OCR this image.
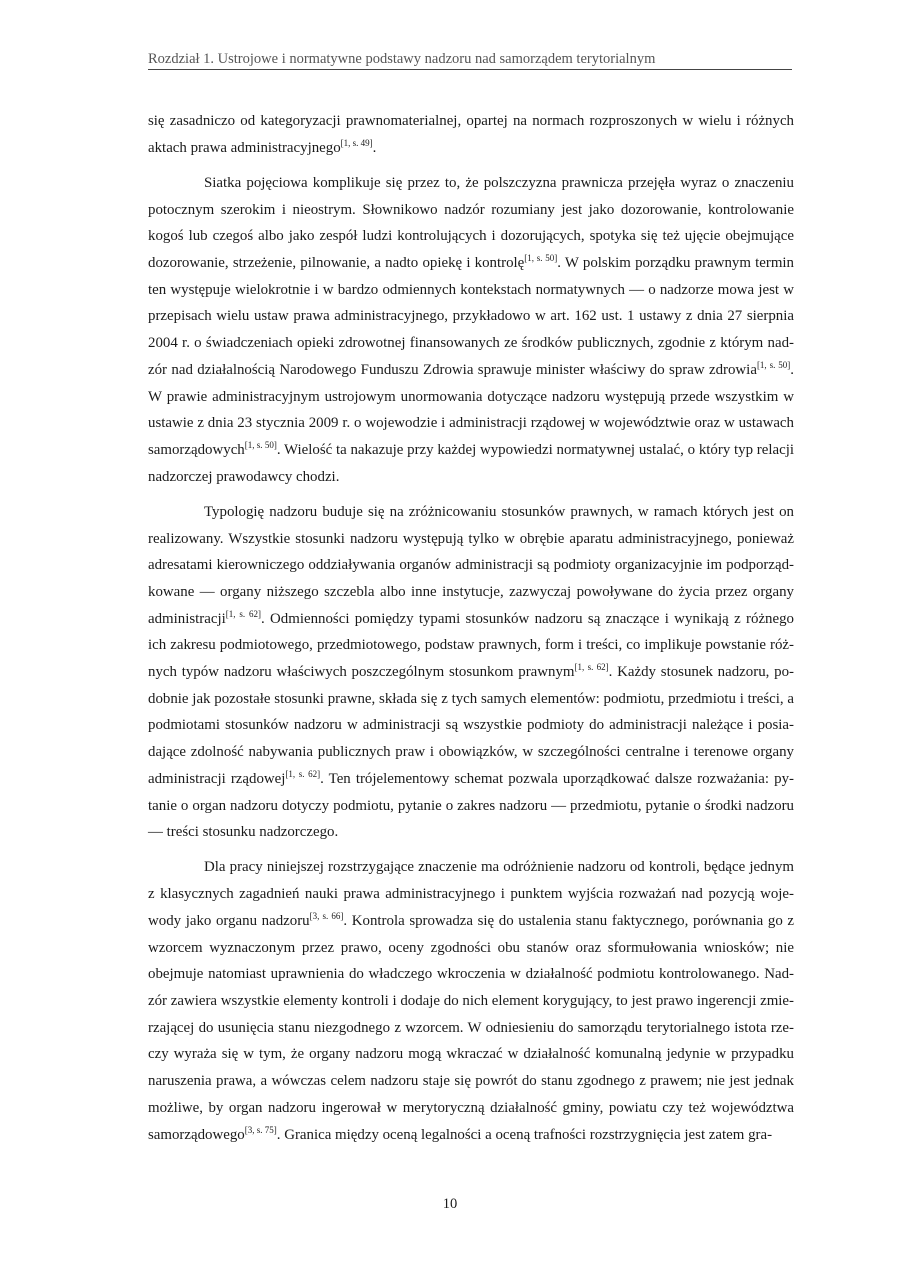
Rozdział 1. Ustrojowe i normatywne podstawy nadzoru nad samorządem terytorialnym

się zasadniczo od kategoryzacji prawnomaterialnej, opartej na normach rozproszonych w wielu i różnych aktach prawa administracyjnego[1, s. 49].

Siatka pojęciowa komplikuje się przez to, że polszczyzna prawnicza przejęła wyraz o znaczeniu potocznym szerokim i nieostrym. Słownikowo nadzór rozumiany jest jako dozorowanie, kontrolowanie kogoś lub czegoś albo jako zespół ludzi kontrolujących i dozorujących, spotyka się też ujęcie obejmujące dozorowanie, strzeżenie, pilnowanie, a nadto opiekę i kontrolę[1, s. 50]. W polskim porządku prawnym termin ten występuje wielokrotnie i w bardzo odmiennych kontekstach normatywnych — o nadzorze mowa jest w przepisach wielu ustaw prawa administracyjnego, przykładowo w art. 162 ust. 1 ustawy z dnia 27 sierpnia 2004 r. o świadczeniach opieki zdrowotnej finansowanych ze środków publicznych, zgodnie z którym nadzór nad działalnością Narodowego Funduszu Zdrowia sprawuje minister właściwy do spraw zdrowia[1, s. 50]. W prawie administracyjnym ustrojowym unormowania dotyczące nadzoru występują przede wszystkim w ustawie z dnia 23 stycznia 2009 r. o wojewodzie i administracji rządowej w województwie oraz w ustawach samorządowych[1, s. 50]. Wielość ta nakazuje przy każdej wypowiedzi normatywnej ustalać, o który typ relacji nadzorczej prawodawcy chodzi.

Typologię nadzoru buduje się na zróżnicowaniu stosunków prawnych, w ramach których jest on realizowany. Wszystkie stosunki nadzoru występują tylko w obrębie aparatu administracyjnego, ponieważ adresatami kierowniczego oddziaływania organów administracji są podmioty organizacyjnie im podporządkowane — organy niższego szczebla albo inne instytucje, zazwyczaj powoływane do życia przez organy administracji[1, s. 62]. Odmienności pomiędzy typami stosunków nadzoru są znaczące i wynikają z różnego ich zakresu podmiotowego, przedmiotowego, podstaw prawnych, form i treści, co implikuje powstanie różnych typów nadzoru właściwych poszczególnym stosunkom prawnym[1, s. 62]. Każdy stosunek nadzoru, podobnie jak pozostałe stosunki prawne, składa się z tych samych elementów: podmiotu, przedmiotu i treści, a podmiotami stosunków nadzoru w administracji są wszystkie podmioty do administracji należące i posiadające zdolność nabywania publicznych praw i obowiązków, w szczególności centralne i terenowe organy administracji rządowej[1, s. 62]. Ten trójelementowy schemat pozwala uporządkować dalsze rozważania: pytanie o organ nadzoru dotyczy podmiotu, pytanie o zakres nadzoru — przedmiotu, pytanie o środki nadzoru — treści stosunku nadzorczego.

Dla pracy niniejszej rozstrzygające znaczenie ma odróżnienie nadzoru od kontroli, będące jednym z klasycznych zagadnień nauki prawa administracyjnego i punktem wyjścia rozważań nad pozycją wojewody jako organu nadzoru[3, s. 66]. Kontrola sprowadza się do ustalenia stanu faktycznego, porównania go z wzorcem wyznaczonym przez prawo, oceny zgodności obu stanów oraz sformułowania wniosków; nie obejmuje natomiast uprawnienia do władczego wkroczenia w działalność podmiotu kontrolowanego. Nadzór zawiera wszystkie elementy kontroli i dodaje do nich element korygujący, to jest prawo ingerencji zmierzającej do usunięcia stanu niezgodnego z wzorcem. W odniesieniu do samorządu terytorialnego istota rzeczy wyraża się w tym, że organy nadzoru mogą wkraczać w działalność komunalną jedynie w przypadku naruszenia prawa, a wówczas celem nadzoru staje się powrót do stanu zgodnego z prawem; nie jest jednak możliwe, by organ nadzoru ingerował w merytoryczną działalność gminy, powiatu czy też województwa samorządowego[3, s. 75]. Granica między oceną legalności a oceną trafności rozstrzygnięcia jest zatem gra-

10
